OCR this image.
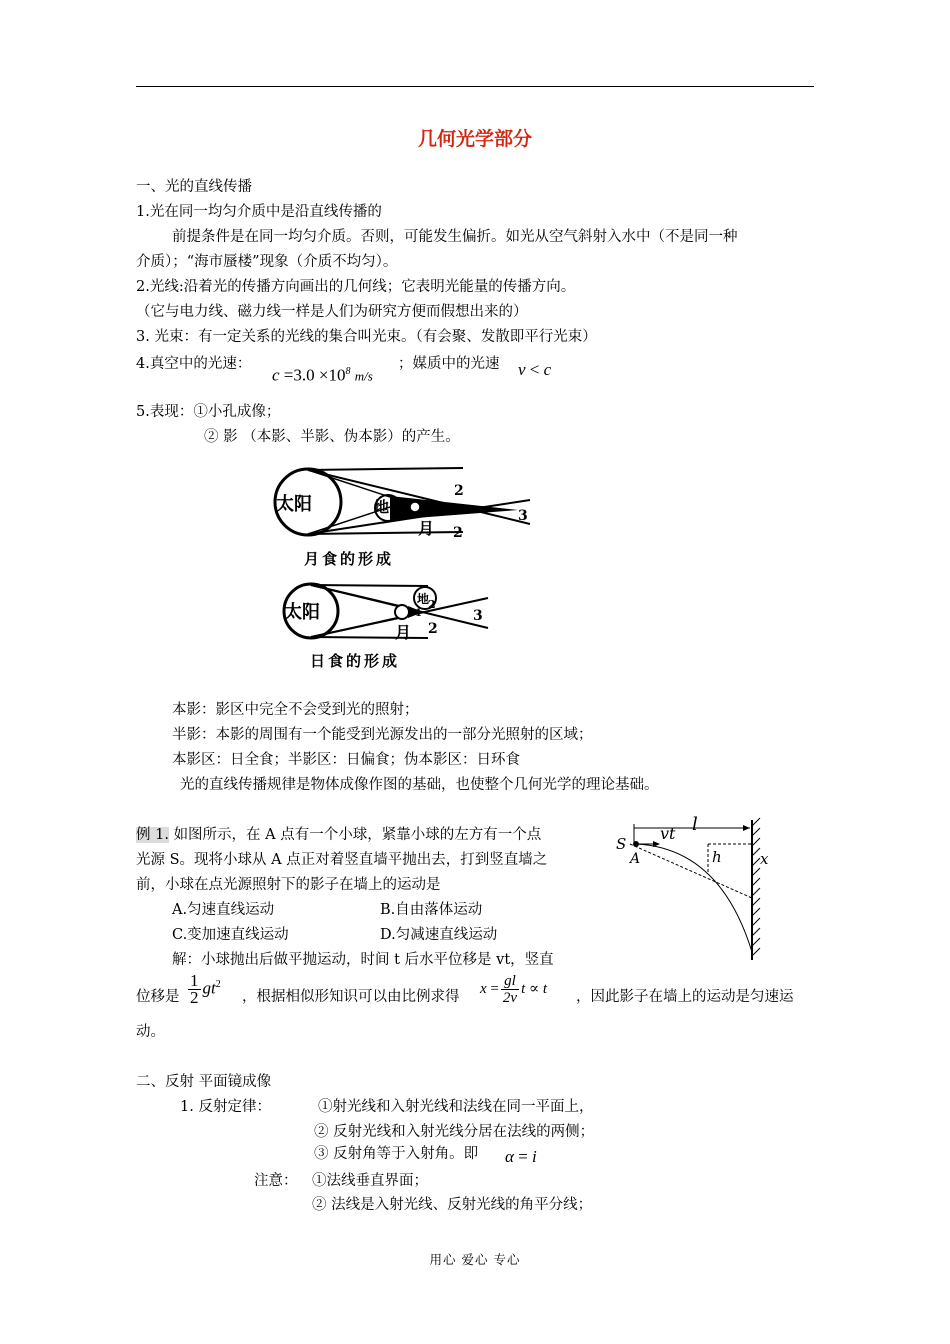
几何光学部分
一、光的直线传播
1.光在同一均匀介质中是沿直线传播的
前提条件是在同一均匀介质。否则，可能发生偏折。如光从空气斜射入水中（不是同一种
介质）；“海市蜃楼”现象（介质不均匀）。
2.光线:沿着光的传播方向画出的几何线；它表明光能量的传播方向。
（它与电力线、磁力线一样是人们为研究方便而假想出来的）
3. 光束：有一定关系的光线的集合叫光束。（有会聚、发散即平行光束）
4.真空中的光速：
$c =3.0 \times 10^8$ m/s
；媒质中的光速 v < c
5.表现：①小孔成像；
② 影 （本影、半影、伪本影）的产生。
太阳	地 1
月
2
2
3
月食的形成
太阳
地
1
月 2
2
3
日食的形成
本影：影区中完全不会受到光的照射；
半影：本影的周围有一个能受到光源发出的一部分光照射的区域；
本影区：日全食；半影区：日偏食；伪本影区：日环食
光的直线传播规律是物体成像作图的基础，也使整个几何光学的理论基础。
例 1. 如图所示，在 A 点有一个小球，紧靠小球的左方有一个点
光源 S。现将小球从 A 点正对着竖直墙平抛出去，打到竖直墙之
前，小球在点光源照射下的影子在墙上的运动是
A.匀速直线运动	B.自由落体运动
C.变加速直线运动	D.匀减速直线运动
解：小球抛出后做平抛运动，时间 t 后水平位移是 vt，竖直
位移是 $\frac{1}{2} gt^2$
，根据相似形知识可以由比例求得
$x = \frac{gl}{2v}$ t ∝ t
，因此影子在墙上的运动是匀速运
动。
S
A
vt l
h	x
二、反射 平面镜成像
1. 反射定律：	①射光线和入射光线和法线在同一平面上，
② 反射光线和入射光线分居在法线的两侧；
③ 反射角等于入射角。即 α = i
注意： ①法线垂直界面；
② 法线是入射光线、反射光线的角平分线；
用心 爱心 专心
